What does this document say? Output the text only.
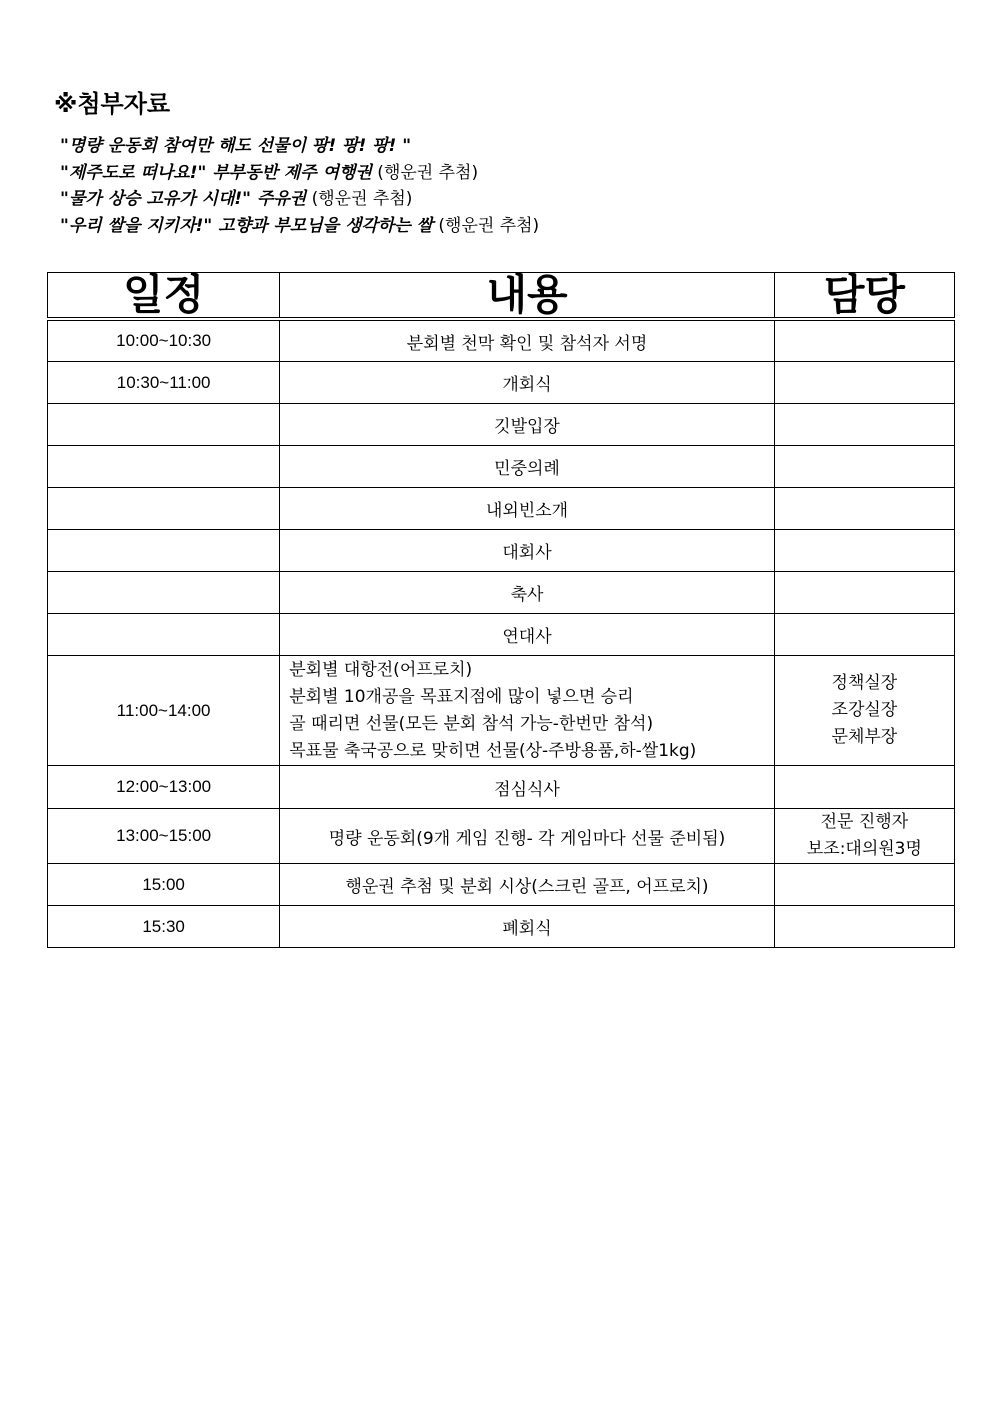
※첨부자료
"명량 운동회 참여만 해도 선물이 팡! 팡! 팡! "
"제주도로 떠나요!" 부부동반 제주 여행권 (행운권 추첨)
"물가 상승 고유가 시대!" 주유권 (행운권 추첨)
"우리 쌀을 지키자!" 고향과 부모님을 생각하는 쌀 (행운권 추첨)
일정	내용	담당
10:00~10:30	분회별 천막 확인 및 참석자 서명	

10:30~11:00	개회식	

	깃발입장	

	민중의례	

	내외빈소개	

	대회사	

	축사	

	연대사	

11:00~14:00	분회별 대항전(어프로치)
분회별 10개공을 목표지점에 많이 넣으면 승리
골 때리면 선물(모든 분회 참석 가능-한번만 참석)
목표물 축국공으로 맞히면 선물(상-주방용품,하-쌀1kg)	정책실장
조강실장
문체부장

12:00~13:00	점심식사	

13:00~15:00	명량 운동회(9개 게임 진행- 각 게임마다 선물 준비됨)	전문 진행자
보조:대의원3명

15:00	행운권 추첨 및 분회 시상(스크린 골프, 어프로치)	

15:30	폐회식	
